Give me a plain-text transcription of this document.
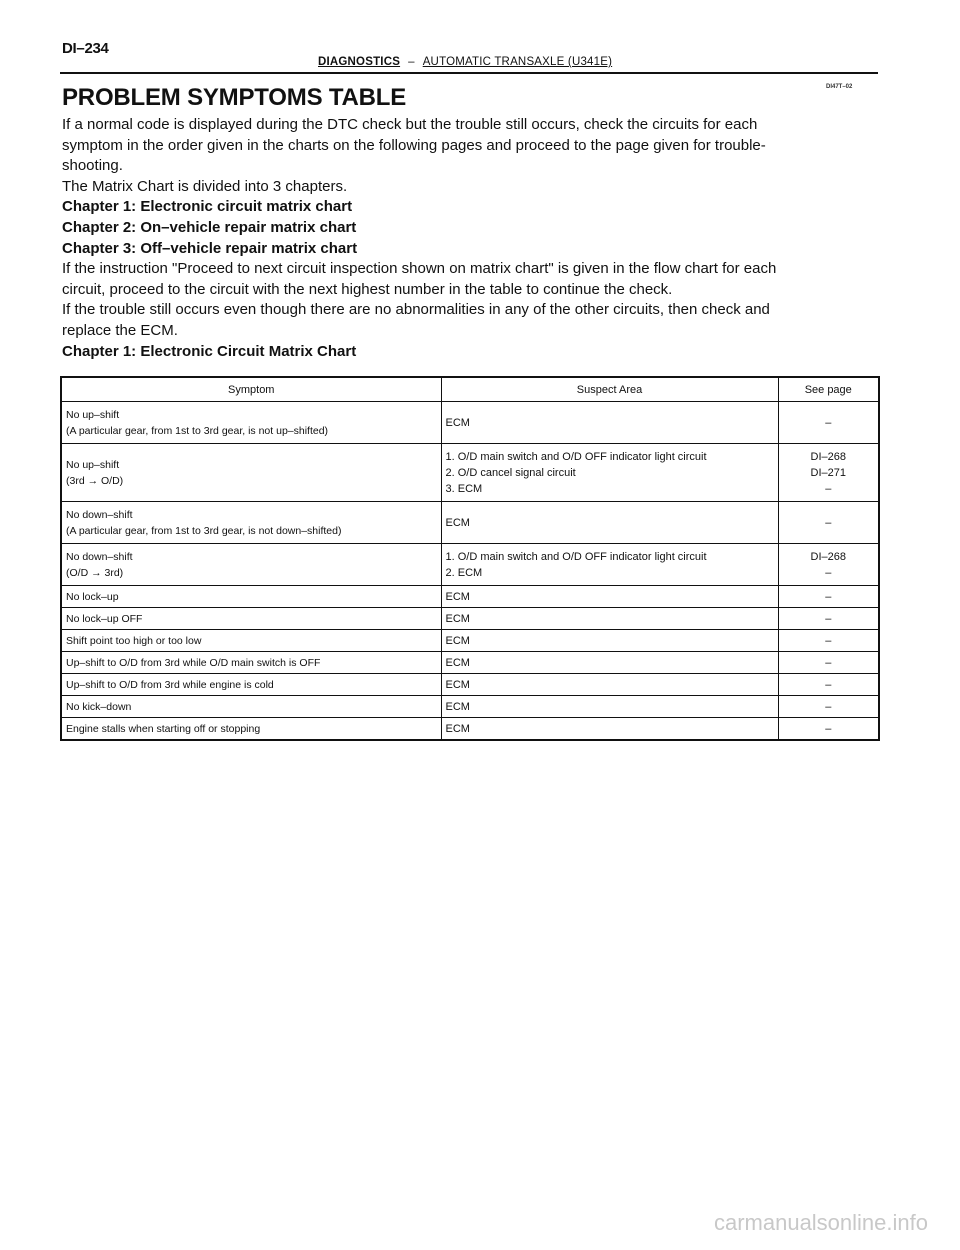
DI–234
DIAGNOSTICS – AUTOMATIC TRANSAXLE (U341E)
DI47T–02
PROBLEM SYMPTOMS TABLE

If a normal code is displayed during the DTC check but the trouble still occurs, check the circuits for each

symptom in the order given in the charts on the following pages and proceed to the page given for trouble-

shooting.

The Matrix Chart is divided into 3 chapters.

Chapter 1: Electronic circuit matrix chart

Chapter 2: On–vehicle repair matrix chart

Chapter 3: Off–vehicle repair matrix chart

If the instruction "Proceed to next circuit inspection shown on matrix chart" is given in the flow chart for each

circuit, proceed to the circuit with the next highest number in the table to continue the check.

If the trouble still occurs even though there are no abnormalities in any of the other circuits, then check and

replace the ECM.

Chapter 1: Electronic Circuit Matrix Chart

Symptom	Suspect Area	See page

No up–shift
(A particular gear, from 1st to 3rd gear, is not up–shifted)	ECM	–

No up–shift
(3rd → O/D)	1. O/D main switch and O/D OFF indicator light circuit
2. O/D cancel signal circuit
3. ECM	DI–268
DI–271
–

No down–shift
(A particular gear, from 1st to 3rd gear, is not down–shifted)	ECM	–

No down–shift
(O/D → 3rd)	1. O/D main switch and O/D OFF indicator light circuit
2. ECM	DI–268
–

No lock–up	ECM	–

No lock–up OFF	ECM	–

Shift point too high or too low	ECM	–

Up–shift to O/D from 3rd while O/D main switch is OFF	ECM	–

Up–shift to O/D from 3rd while engine is cold	ECM	–

No kick–down	ECM	–

Engine stalls when starting off or stopping	ECM	–
carmanualsonline.info
